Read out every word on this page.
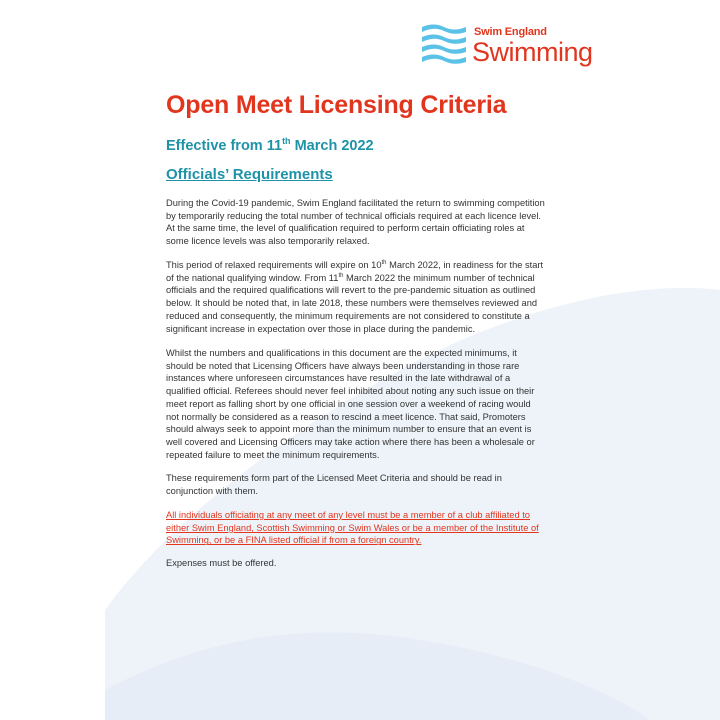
Swim England
Swimming
Open Meet Licensing Criteria
Effective from 11th March 2022
Officials’ Requirements

During the Covid-19 pandemic, Swim England facilitated the return to swimming competition by temporarily reducing the total number of technical officials required at each licence level. At the same time, the level of qualification required to perform certain officiating roles at some licence levels was also temporarily relaxed.

This period of relaxed requirements will expire on 10th March 2022, in readiness for the start of the national qualifying window. From 11th March 2022 the minimum number of technical officials and the required qualifications will revert to the pre-pandemic situation as outlined below. It should be noted that, in late 2018, these numbers were themselves reviewed and reduced and consequently, the minimum requirements are not considered to constitute a significant increase in expectation over those in place during the pandemic.

Whilst the numbers and qualifications in this document are the expected minimums, it should be noted that Licensing Officers have always been understanding in those rare instances where unforeseen circumstances have resulted in the late withdrawal of a qualified official. Referees should never feel inhibited about noting any such issue on their meet report as falling short by one official in one session over a weekend of racing would not normally be considered as a reason to rescind a meet licence. That said, Promoters should always seek to appoint more than the minimum number to ensure that an event is well covered and Licensing Officers may take action where there has been a wholesale or repeated failure to meet the minimum requirements.

These requirements form part of the Licensed Meet Criteria and should be read in conjunction with them.

All individuals officiating at any meet of any level must be a member of a club affiliated to either Swim England, Scottish Swimming or Swim Wales or be a member of the Institute of Swimming, or be a FINA listed official if from a foreign country.

Expenses must be offered.
